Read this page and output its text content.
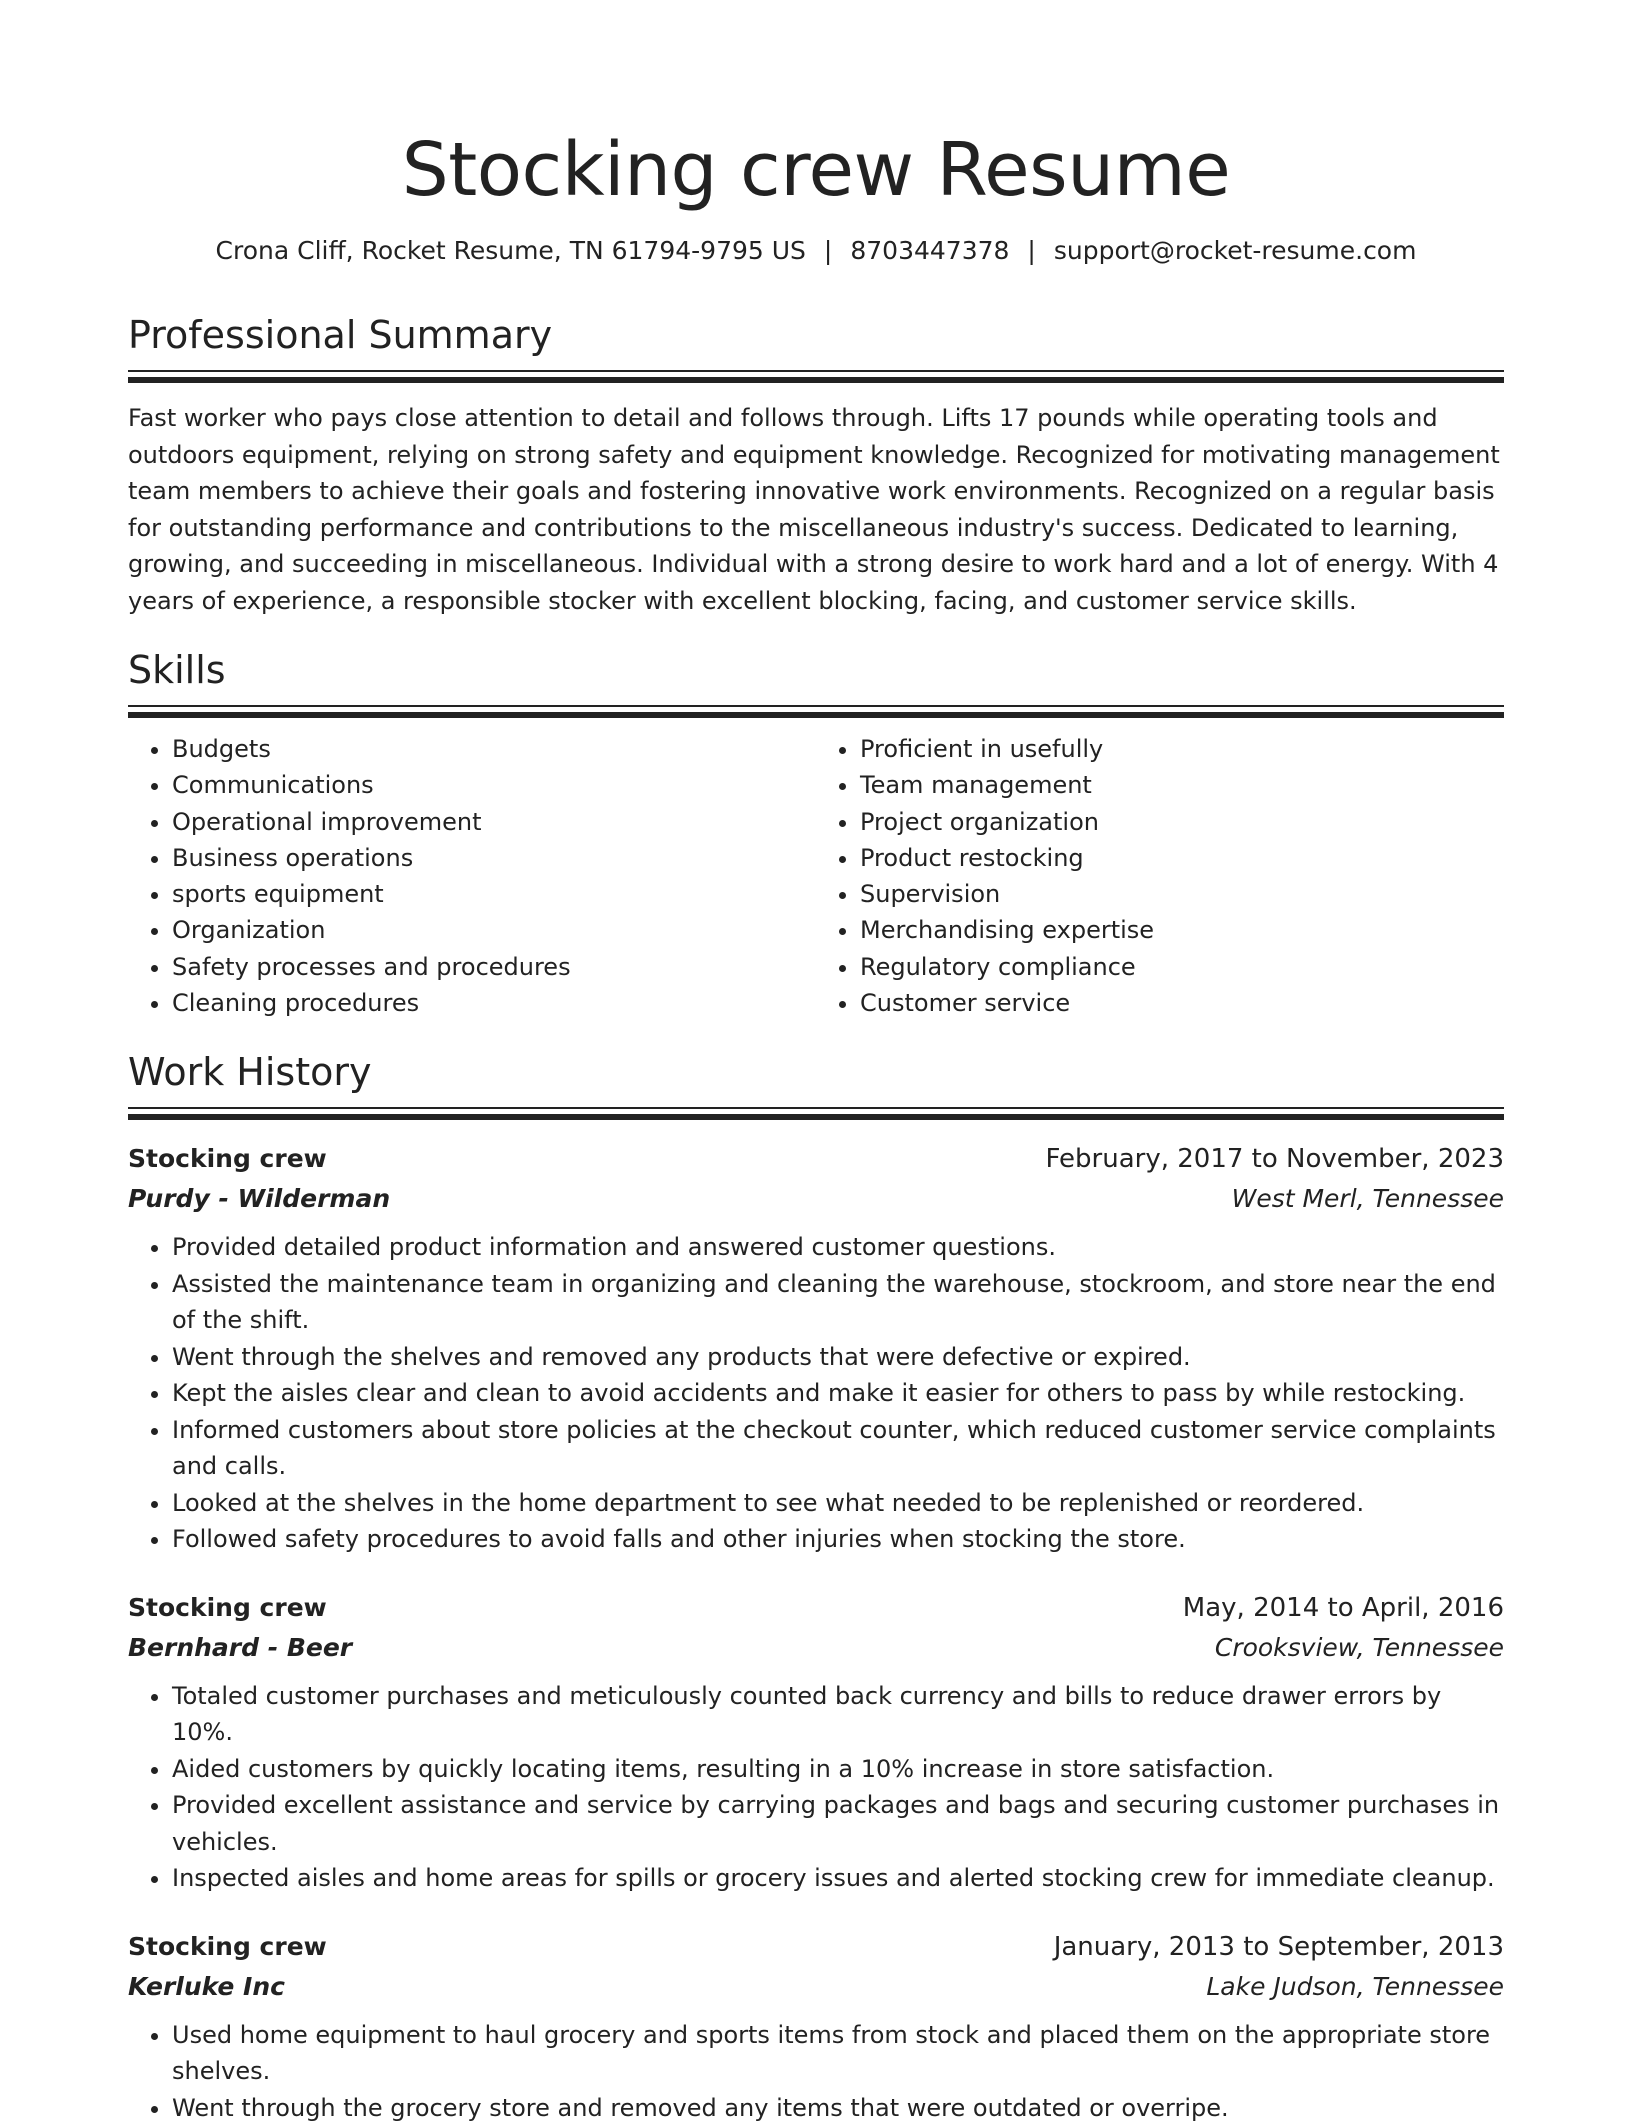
Stocking crew Resume
Crona Cliff, Rocket Resume, TN 61794-9795 US | 8703447378 | support@rocket-resume.com
Professional Summary

Fast worker who pays close attention to detail and follows through. Lifts 17 pounds while operating tools and outdoors equipment, relying on strong safety and equipment knowledge. Recognized for motivating management team members to achieve their goals and fostering innovative work environments. Recognized on a regular basis for outstanding performance and contributions to the miscellaneous industry's success. Dedicated to learning, growing, and succeeding in miscellaneous. Individual with a strong desire to work hard and a lot of energy. With 4 years of experience, a responsible stocker with excellent blocking, facing, and customer service skills.

Skills
• Budgets
• Communications
• Operational improvement
• Business operations
• sports equipment
• Organization
• Safety processes and procedures
• Cleaning procedures
• Proficient in usefully
• Team management
• Project organization
• Product restocking
• Supervision
• Merchandising expertise
• Regulatory compliance
• Customer service
Work History
Stocking crew	February, 2017 to November, 2023
Purdy - Wilderman	West Merl, Tennessee
• Provided detailed product information and answered customer questions.
• Assisted the maintenance team in organizing and cleaning the warehouse, stockroom, and store near the end of the shift.
• Went through the shelves and removed any products that were defective or expired.
• Kept the aisles clear and clean to avoid accidents and make it easier for others to pass by while restocking.
• Informed customers about store policies at the checkout counter, which reduced customer service complaints and calls.
• Looked at the shelves in the home department to see what needed to be replenished or reordered.
• Followed safety procedures to avoid falls and other injuries when stocking the store.
Stocking crew	May, 2014 to April, 2016
Bernhard - Beer	Crooksview, Tennessee
• Totaled customer purchases and meticulously counted back currency and bills to reduce drawer errors by 10%.
• Aided customers by quickly locating items, resulting in a 10% increase in store satisfaction.
• Provided excellent assistance and service by carrying packages and bags and securing customer purchases in vehicles.
• Inspected aisles and home areas for spills or grocery issues and alerted stocking crew for immediate cleanup.
Stocking crew	January, 2013 to September, 2013
Kerluke Inc	Lake Judson, Tennessee
• Used home equipment to haul grocery and sports items from stock and placed them on the appropriate store shelves.
• Went through the grocery store and removed any items that were outdated or overripe.
